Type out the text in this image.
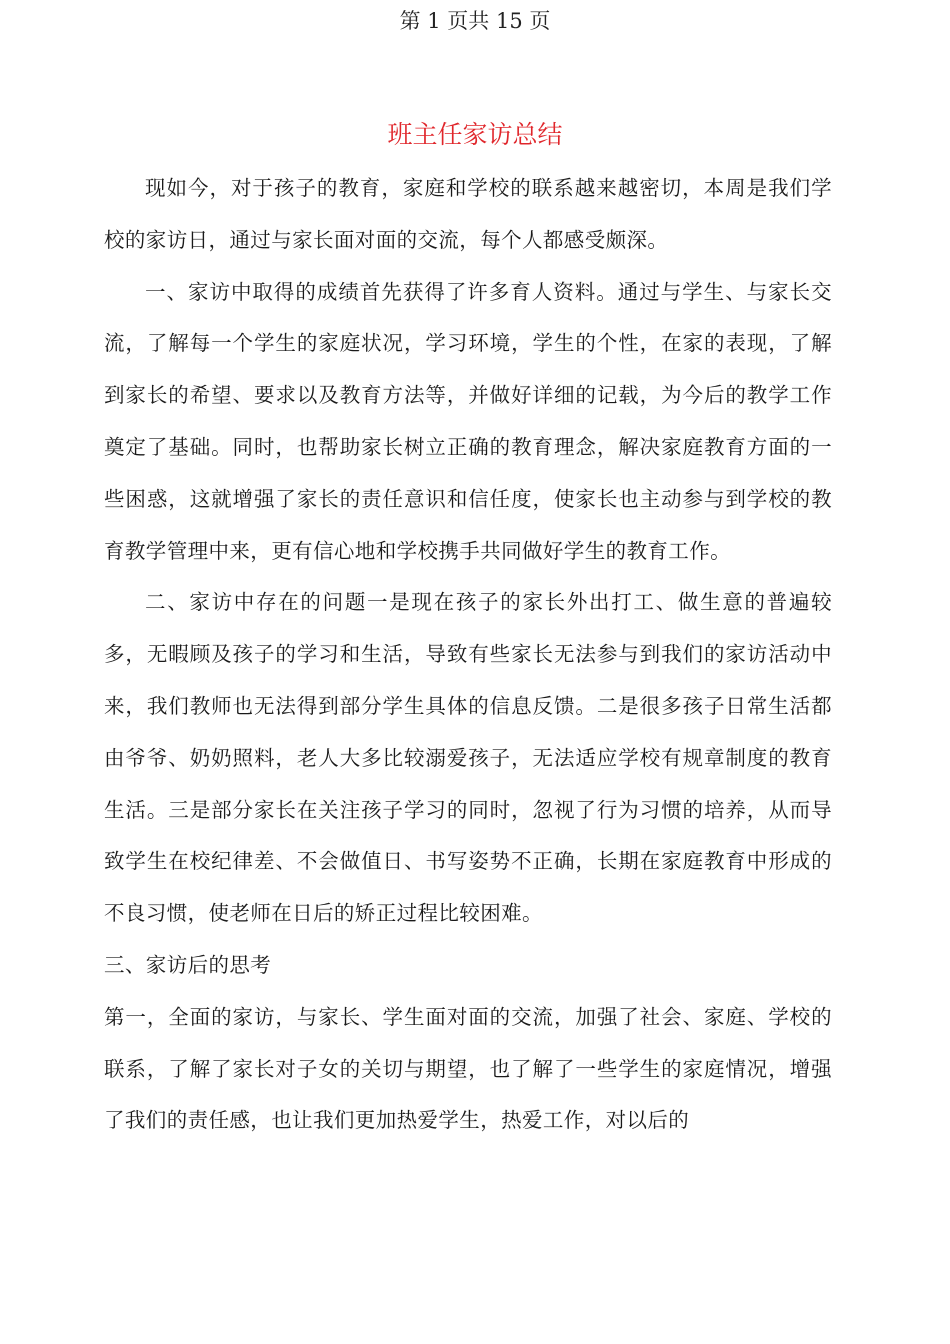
第 1 页共 15 页
班主任家访总结

现如今，对于孩子的教育，家庭和学校的联系越来越密切，本周是我们学校的家访日，通过与家长面对面的交流，每个人都感受颇深。

一、家访中取得的成绩首先获得了许多育人资料。通过与学生、与家长交流，了解每一个学生的家庭状况，学习环境，学生的个性，在家的表现，了解到家长的希望、要求以及教育方法等，并做好详细的记载，为今后的教学工作奠定了基础。同时，也帮助家长树立正确的教育理念，解决家庭教育方面的一些困惑，这就增强了家长的责任意识和信任度，使家长也主动参与到学校的教育教学管理中来，更有信心地和学校携手共同做好学生的教育工作。

二、家访中存在的问题一是现在孩子的家长外出打工、做生意的普遍较多，无暇顾及孩子的学习和生活，导致有些家长无法参与到我们的家访活动中来，我们教师也无法得到部分学生具体的信息反馈。二是很多孩子日常生活都由爷爷、奶奶照料，老人大多比较溺爱孩子，无法适应学校有规章制度的教育生活。三是部分家长在关注孩子学习的同时，忽视了行为习惯的培养，从而导致学生在校纪律差、不会做值日、书写姿势不正确，长期在家庭教育中形成的不良习惯，使老师在日后的矫正过程比较困难。

三、家访后的思考

第一，全面的家访，与家长、学生面对面的交流，加强了社会、家庭、学校的联系，了解了家长对子女的关切与期望，也了解了一些学生的家庭情况，增强了我们的责任感，也让我们更加热爱学生，热爱工作，对以后的
